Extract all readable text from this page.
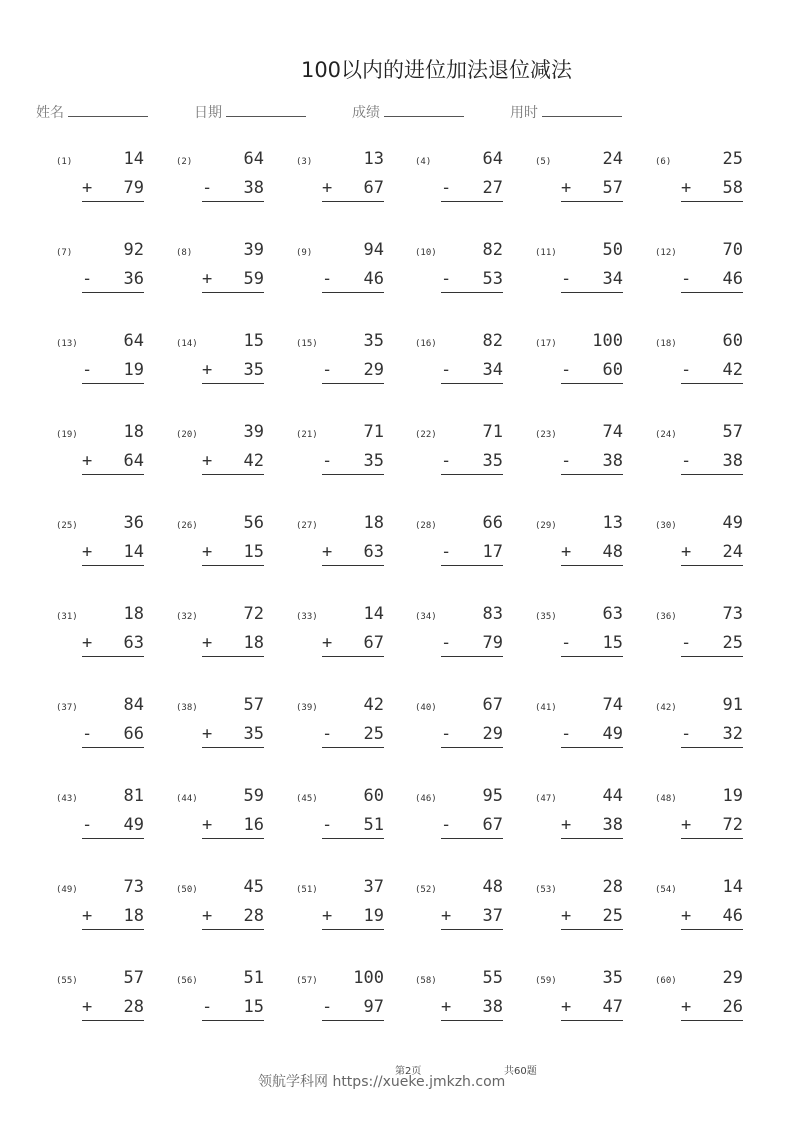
100以内的进位加法退位减法
姓名	日期	成绩	用时
(1)	14
+ 79
(2)	64
- 38
(3)	13
+ 67
(4)	64
- 27
(5)	24
+ 57
(6)	25
+ 58
(7)	92
- 36
(8)	39
+ 59
(9)	94
- 46
(10)	82
- 53
(11)	50
- 34
(12)	70
- 46
(13)	64
- 19
(14)	15
+ 35
(15)	35
- 29
(16)	82
- 34
(17) 100
- 60
(18)	60
- 42
(19)	18
+ 64
(20)	39
+ 42
(21)	71
- 35
(22)	71
- 35
(23)	74
- 38
(24)	57
- 38
(25)	36
+ 14
(26)	56
+ 15
(27)	18
+ 63
(28)	66
- 17
(29)	13
+ 48
(30)	49
+ 24
(31)	18
+ 63
(32)	72
+ 18
(33)	14
+ 67
(34)	83
- 79
(35)	63
- 15
(36)	73
- 25
(37)	84
- 66
(38)	57
+ 35
(39)	42
- 25
(40)	67
- 29
(41)	74
- 49
(42)	91
- 32
(43)	81
- 49
(44)	59
+ 16
(45)	60
- 51
(46)	95
- 67
(47)	44
+ 38
(48)	19
+ 72
(49)	73
+ 18
(50)	45
+ 28
(51)	37
+ 19
(52)	48
+ 37
(53)	28
+ 25
(54)	14
+ 46
(55)	57
+ 28
(56)	51
- 15
(57) 100
- 97
(58)	55
+ 38
(59)	35
+ 47
(60)	29
+ 26
第2页	共60题
领航学科网 https://xueke.jmkzh.com
